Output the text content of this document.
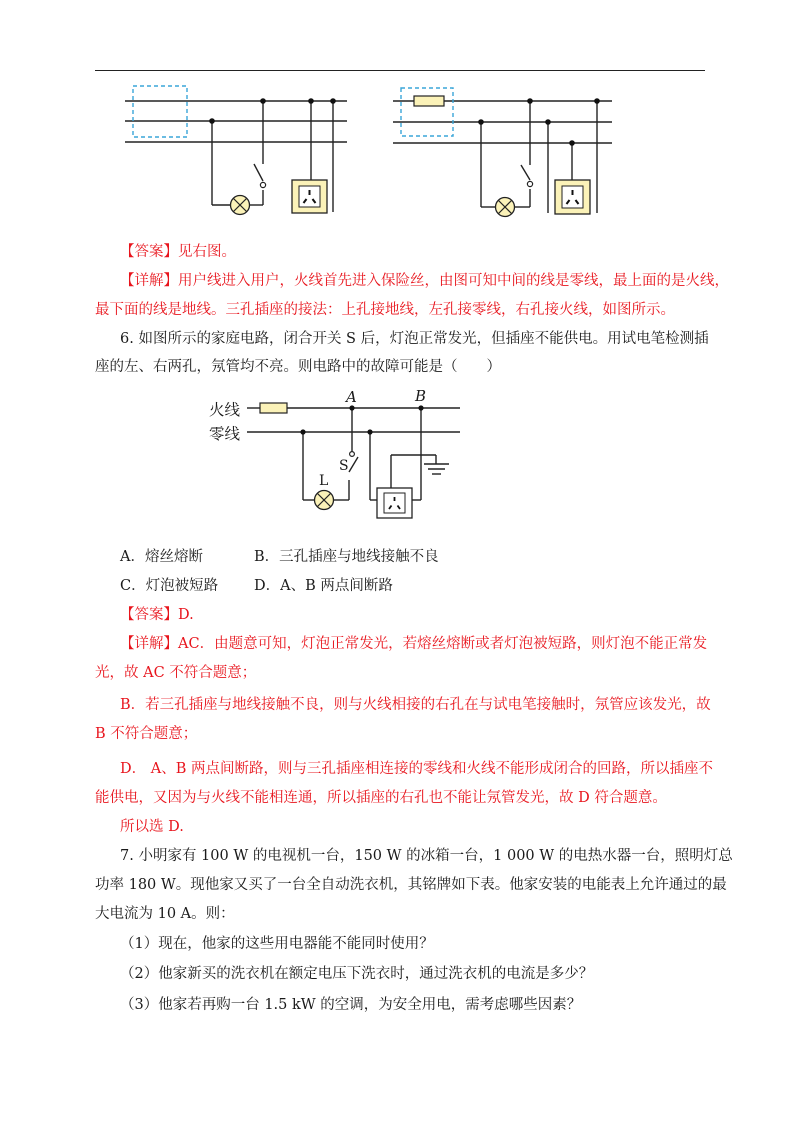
【答案】见右图。
【详解】用户线进入用户，火线首先进入保险丝，由图可知中间的线是零线，最上面的是火线，
最下面的线是地线。三孔插座的接法：上孔接地线，左孔接零线，右孔接火线，如图所示。
6. 如图所示的家庭电路，闭合开关 S 后，灯泡正常发光，但插座不能供电。用试电笔检测插
座的左、右两孔，氖管均不亮。则电路中的故障可能是（　　）
火线
零线
A	B
S
L
A．熔丝熔断	B．三孔插座与地线接触不良
C．灯泡被短路 D．A、B 两点间断路
【答案】D.
【详解】AC．由题意可知，灯泡正常发光，若熔丝熔断或者灯泡被短路，则灯泡不能正常发
光，故 AC 不符合题意；
B．若三孔插座与地线接触不良，则与火线相接的右孔在与试电笔接触时，氖管应该发光，故
B 不符合题意；
D． A、B 两点间断路，则与三孔插座相连接的零线和火线不能形成闭合的回路，所以插座不
能供电，又因为与火线不能相连通，所以插座的右孔也不能让氖管发光，故 D 符合题意。
所以选 D.
7. 小明家有 100 W 的电视机一台，150 W 的冰箱一台，1 000 W 的电热水器一台，照明灯总
功率 180 W。现他家又买了一台全自动洗衣机，其铭牌如下表。他家安装的电能表上允许通过的最
大电流为 10 A。则：
（1）现在，他家的这些用电器能不能同时使用？
（2）他家新买的洗衣机在额定电压下洗衣时，通过洗衣机的电流是多少？
（3）他家若再购一台 1.5 kW 的空调，为安全用电，需考虑哪些因素？
